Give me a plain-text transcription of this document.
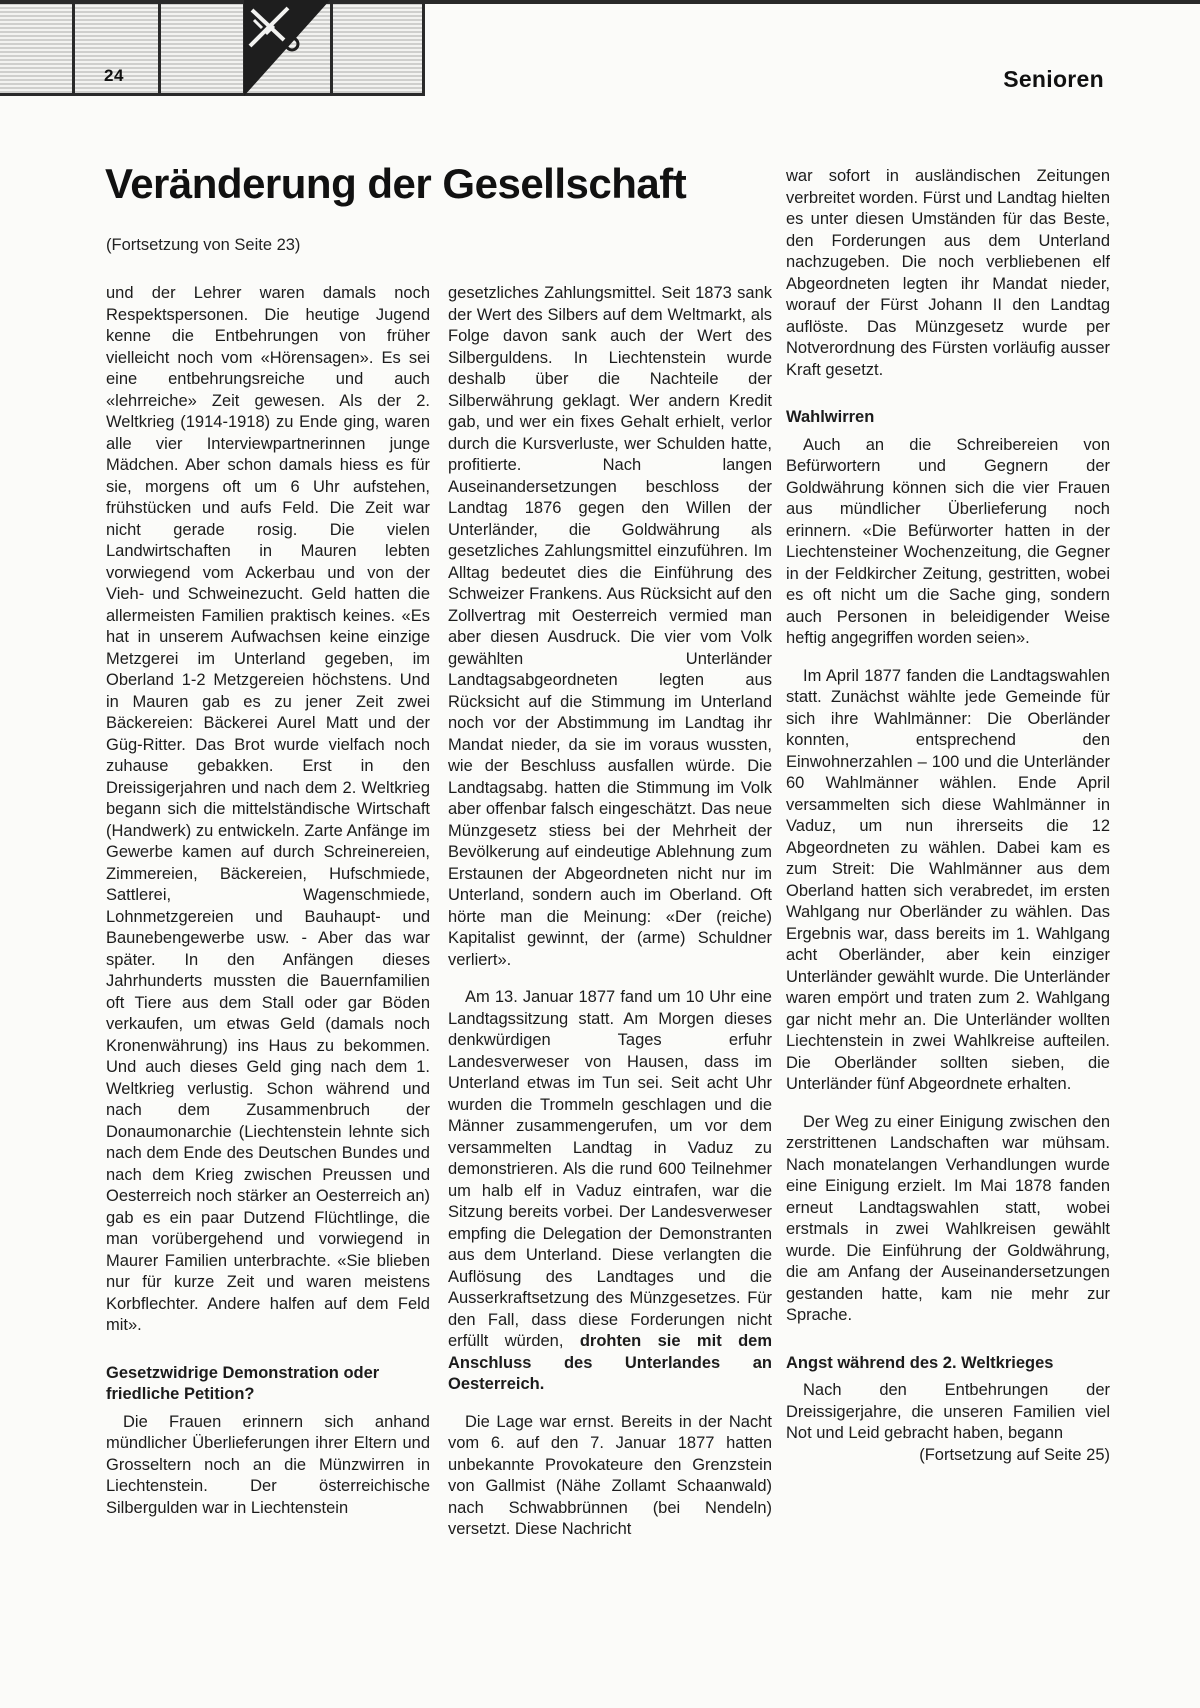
24	Senioren
Veränderung der Gesellschaft
(Fortsetzung von Seite 23)

und der Lehrer waren damals noch Respektspersonen. Die heutige Jugend kenne die Entbehrungen von früher vielleicht noch vom «Hörensagen». Es sei eine entbehrungsreiche und auch «lehrreiche» Zeit gewesen. Als der 2. Weltkrieg (1914-1918) zu Ende ging, waren alle vier Interviewpartnerinnen junge Mädchen. Aber schon damals hiess es für sie, morgens oft um 6 Uhr aufstehen, frühstücken und aufs Feld. Die Zeit war nicht gerade rosig. Die vielen Landwirtschaften in Mauren lebten vorwiegend vom Ackerbau und von der Vieh- und Schweinezucht. Geld hatten die allermeisten Familien praktisch keines. «Es hat in unserem Aufwachsen keine einzige Metzgerei im Unterland gegeben, im Oberland 1-2 Metzgereien höchstens. Und in Mauren gab es zu jener Zeit zwei Bäckereien: Bäckerei Aurel Matt und der Güg-Ritter. Das Brot wurde vielfach noch zuhause gebakken. Erst in den Dreissigerjahren und nach dem 2. Weltkrieg begann sich die mittelständische Wirtschaft (Handwerk) zu entwickeln. Zarte Anfänge im Gewerbe kamen auf durch Schreinereien, Zimmereien, Bäckereien, Hufschmiede, Sattlerei, Wagenschmiede, Lohnmetzgereien und Bauhaupt- und Baunebengewerbe usw. - Aber das war später. In den Anfängen dieses Jahrhunderts mussten die Bauernfamilien oft Tiere aus dem Stall oder gar Böden verkaufen, um etwas Geld (damals noch Kronenwährung) ins Haus zu bekommen. Und auch dieses Geld ging nach dem 1. Weltkrieg verlustig. Schon während und nach dem Zusammenbruch der Donaumonarchie (Liechtenstein lehnte sich nach dem Ende des Deutschen Bundes und nach dem Krieg zwischen Preussen und Oesterreich noch stärker an Oesterreich an) gab es ein paar Dutzend Flüchtlinge, die man vorübergehend und vorwiegend in Maurer Familien unterbrachte. «Sie blieben nur für kurze Zeit und waren meistens Korbflechter. Andere halfen auf dem Feld mit».

Gesetzwidrige Demonstration oder friedliche Petition?

Die Frauen erinnern sich anhand mündlicher Überlieferungen ihrer Eltern und Grosseltern noch an die Münzwirren in Liechtenstein. Der österreichische Silbergulden war in Liechtenstein

gesetzliches Zahlungsmittel. Seit 1873 sank der Wert des Silbers auf dem Weltmarkt, als Folge davon sank auch der Wert des Silberguldens. In Liechtenstein wurde deshalb über die Nachteile der Silberwährung geklagt. Wer andern Kredit gab, und wer ein fixes Gehalt erhielt, verlor durch die Kursverluste, wer Schulden hatte, profitierte. Nach langen Auseinandersetzungen beschloss der Landtag 1876 gegen den Willen der Unterländer, die Goldwährung als gesetzliches Zahlungsmittel einzuführen. Im Alltag bedeutet dies die Einführung des Schweizer Frankens. Aus Rücksicht auf den Zollvertrag mit Oesterreich vermied man aber diesen Ausdruck. Die vier vom Volk gewählten Unterländer Landtagsabgeordneten legten aus Rücksicht auf die Stimmung im Unterland noch vor der Abstimmung im Landtag ihr Mandat nieder, da sie im voraus wussten, wie der Beschluss ausfallen würde. Die Landtagsabg. hatten die Stimmung im Volk aber offenbar falsch eingeschätzt. Das neue Münzgesetz stiess bei der Mehrheit der Bevölkerung auf eindeutige Ablehnung zum Erstaunen der Abgeordneten nicht nur im Unterland, sondern auch im Oberland. Oft hörte man die Meinung: «Der (reiche) Kapitalist gewinnt, der (arme) Schuldner verliert».

Am 13. Januar 1877 fand um 10 Uhr eine Landtagssitzung statt. Am Morgen dieses denkwürdigen Tages erfuhr Landesverweser von Hausen, dass im Unterland etwas im Tun sei. Seit acht Uhr wurden die Trommeln geschlagen und die Männer zusammengerufen, um vor dem versammelten Landtag in Vaduz zu demonstrieren. Als die rund 600 Teilnehmer um halb elf in Vaduz eintrafen, war die Sitzung bereits vorbei. Der Landesverweser empfing die Delegation der Demonstranten aus dem Unterland. Diese verlangten die Auflösung des Landtages und die Ausserkraftsetzung des Münzgesetzes. Für den Fall, dass diese Forderungen nicht erfüllt würden, drohten sie mit dem Anschluss des Unterlandes an Oesterreich.

Die Lage war ernst. Bereits in der Nacht vom 6. auf den 7. Januar 1877 hatten unbekannte Provokateure den Grenzstein von Gallmist (Nähe Zollamt Schaanwald) nach Schwabbrünnen (bei Nendeln) versetzt. Diese Nachricht

war sofort in ausländischen Zeitungen verbreitet worden. Fürst und Landtag hielten es unter diesen Umständen für das Beste, den Forderungen aus dem Unterland nachzugeben. Die noch verbliebenen elf Abgeordneten legten ihr Mandat nieder, worauf der Fürst Johann II den Landtag auflöste. Das Münzgesetz wurde per Notverordnung des Fürsten vorläufig ausser Kraft gesetzt.

Wahlwirren

Auch an die Schreibereien von Befürwortern und Gegnern der Goldwährung können sich die vier Frauen aus mündlicher Überlieferung noch erinnern. «Die Befürworter hatten in der Liechtensteiner Wochenzeitung, die Gegner in der Feldkircher Zeitung, gestritten, wobei es oft nicht um die Sache ging, sondern auch Personen in beleidigender Weise heftig angegriffen worden seien».

Im April 1877 fanden die Landtagswahlen statt. Zunächst wählte jede Gemeinde für sich ihre Wahlmänner: Die Oberländer konnten, entsprechend den Einwohnerzahlen – 100 und die Unterländer 60 Wahlmänner wählen. Ende April versammelten sich diese Wahlmänner in Vaduz, um nun ihrerseits die 12 Abgeordneten zu wählen. Dabei kam es zum Streit: Die Wahlmänner aus dem Oberland hatten sich verabredet, im ersten Wahlgang nur Oberländer zu wählen. Das Ergebnis war, dass bereits im 1. Wahlgang acht Oberländer, aber kein einziger Unterländer gewählt wurde. Die Unterländer waren empört und traten zum 2. Wahlgang gar nicht mehr an. Die Unterländer wollten Liechtenstein in zwei Wahlkreise aufteilen. Die Oberländer sollten sieben, die Unterländer fünf Abgeordnete erhalten.

Der Weg zu einer Einigung zwischen den zerstrittenen Landschaften war mühsam. Nach monatelangen Verhandlungen wurde eine Einigung erzielt. Im Mai 1878 fanden erneut Landtagswahlen statt, wobei erstmals in zwei Wahlkreisen gewählt wurde. Die Einführung der Goldwährung, die am Anfang der Auseinandersetzungen gestanden hatte, kam nie mehr zur Sprache.

Angst während des 2. Weltkrieges

Nach den Entbehrungen der Dreissigerjahre, die unseren Familien viel Not und Leid gebracht haben, begann

(Fortsetzung auf Seite 25)
